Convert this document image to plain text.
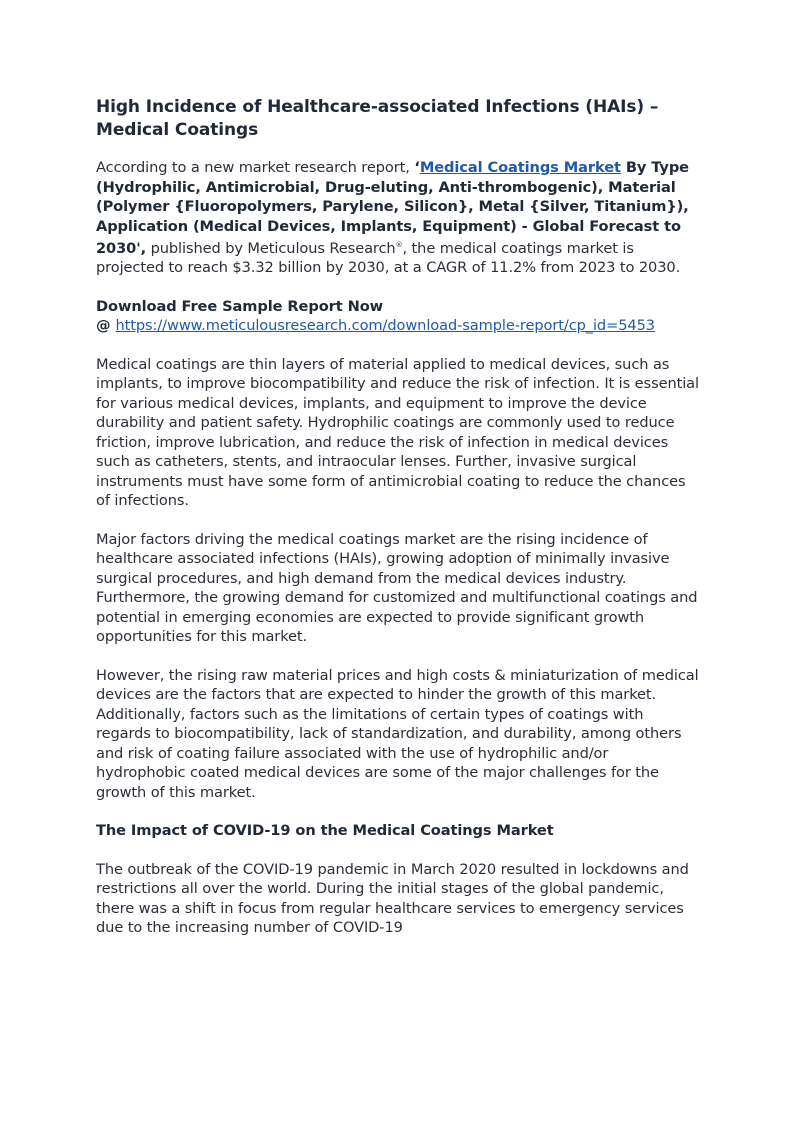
High Incidence of Healthcare-associated Infections (HAIs) – Medical Coatings

According to a new market research report, ‘Medical Coatings Market By Type (Hydrophilic, Antimicrobial, Drug-eluting, Anti-thrombogenic), Material (Polymer {Fluoropolymers, Parylene, Silicon}, Metal {Silver, Titanium}), Application (Medical Devices, Implants, Equipment) - Global Forecast to 2030', published by Meticulous Research®, the medical coatings market is projected to reach $3.32 billion by 2030, at a CAGR of 11.2% from 2023 to 2030.

Download Free Sample Report Now
@ https://www.meticulousresearch.com/download-sample-report/cp_id=5453

Medical coatings are thin layers of material applied to medical devices, such as implants, to improve biocompatibility and reduce the risk of infection. It is essential for various medical devices, implants, and equipment to improve the device durability and patient safety. Hydrophilic coatings are commonly used to reduce friction, improve lubrication, and reduce the risk of infection in medical devices such as catheters, stents, and intraocular lenses. Further, invasive surgical instruments must have some form of antimicrobial coating to reduce the chances of infections.

Major factors driving the medical coatings market are the rising incidence of healthcare associated infections (HAIs), growing adoption of minimally invasive surgical procedures, and high demand from the medical devices industry. Furthermore, the growing demand for customized and multifunctional coatings and potential in emerging economies are expected to provide significant growth opportunities for this market.

However, the rising raw material prices and high costs & miniaturization of medical devices are the factors that are expected to hinder the growth of this market. Additionally, factors such as the limitations of certain types of coatings with regards to biocompatibility, lack of standardization, and durability, among others and risk of coating failure associated with the use of hydrophilic and/or hydrophobic coated medical devices are some of the major challenges for the growth of this market.

The Impact of COVID-19 on the Medical Coatings Market

The outbreak of the COVID-19 pandemic in March 2020 resulted in lockdowns and restrictions all over the world. During the initial stages of the global pandemic, there was a shift in focus from regular healthcare services to emergency services due to the increasing number of COVID-19
